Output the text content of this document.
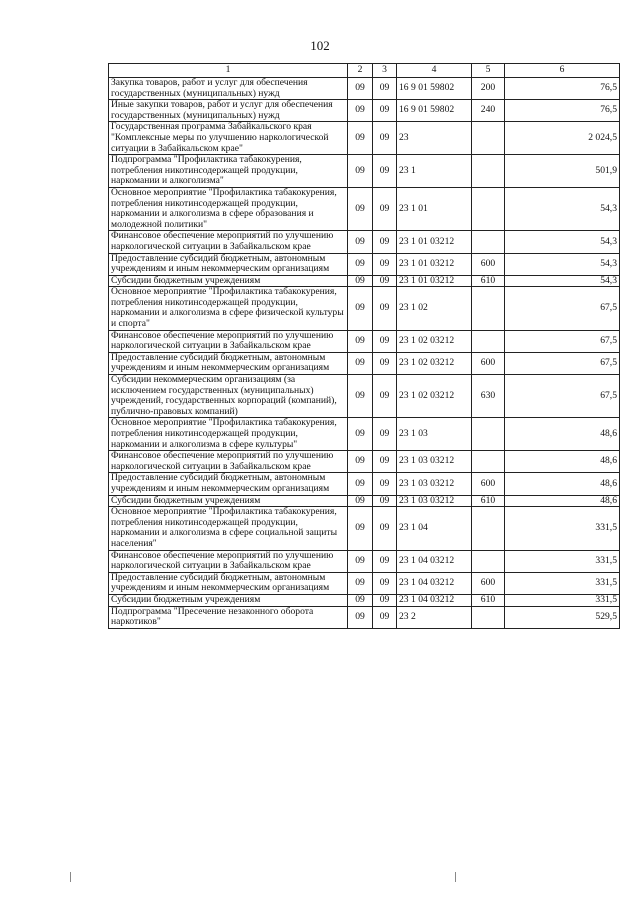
102
1	2	3	4	5	6
Закупка товаров, работ и услуг для обеспечения государственных (муниципальных) нужд	09	09	16 9 01 59802	200	76,5
Иные закупки товаров, работ и услуг для обеспечения государственных (муниципальных) нужд	09	09	16 9 01 59802	240	76,5
Государственная программа Забайкальского края "Комплексные меры по улучшению наркологической ситуации в Забайкальском крае"	09	09	23		2 024,5
Подпрограмма "Профилактика табакокурения, потребления никотинсодержащей продукции, наркомании и алкоголизма"	09	09	23 1		501,9
Основное мероприятие "Профилактика табакокурения, потребления никотинсодержащей продукции, наркомании и алкоголизма в сфере образования и молодежной политики"	09	09	23 1 01		54,3
Финансовое обеспечение мероприятий по улучшению наркологической ситуации в Забайкальском крае	09	09	23 1 01 03212		54,3
Предоставление субсидий бюджетным, автономным учреждениям и иным некоммерческим организациям	09	09	23 1 01 03212	600	54,3
Субсидии бюджетным учреждениям	09	09	23 1 01 03212	610	54,3
Основное мероприятие "Профилактика табакокурения, потребления никотинсодержащей продукции, наркомании и алкоголизма в сфере физической культуры и спорта"	09	09	23 1 02		67,5
Финансовое обеспечение мероприятий по улучшению наркологической ситуации в Забайкальском крае	09	09	23 1 02 03212		67,5
Предоставление субсидий бюджетным, автономным учреждениям и иным некоммерческим организациям	09	09	23 1 02 03212	600	67,5
Субсидии некоммерческим организациям (за исключением государственных (муниципальных) учреждений, государственных корпораций (компаний), публично-правовых компаний)	09	09	23 1 02 03212	630	67,5
Основное мероприятие "Профилактика табакокурения, потребления никотинсодержащей продукции, наркомании и алкоголизма в сфере культуры"	09	09	23 1 03		48,6
Финансовое обеспечение мероприятий по улучшению наркологической ситуации в Забайкальском крае	09	09	23 1 03 03212		48,6
Предоставление субсидий бюджетным, автономным учреждениям и иным некоммерческим организациям	09	09	23 1 03 03212	600	48,6
Субсидии бюджетным учреждениям	09	09	23 1 03 03212	610	48,6
Основное мероприятие "Профилактика табакокурения, потребления никотинсодержащей продукции, наркомании и алкоголизма в сфере социальной защиты населения"	09	09	23 1 04		331,5
Финансовое обеспечение мероприятий по улучшению наркологической ситуации в Забайкальском крае	09	09	23 1 04 03212		331,5
Предоставление субсидий бюджетным, автономным учреждениям и иным некоммерческим организациям	09	09	23 1 04 03212	600	331,5
Субсидии бюджетным учреждениям	09	09	23 1 04 03212	610	331,5
Подпрограмма "Пресечение незаконного оборота наркотиков"	09	09	23 2		529,5
